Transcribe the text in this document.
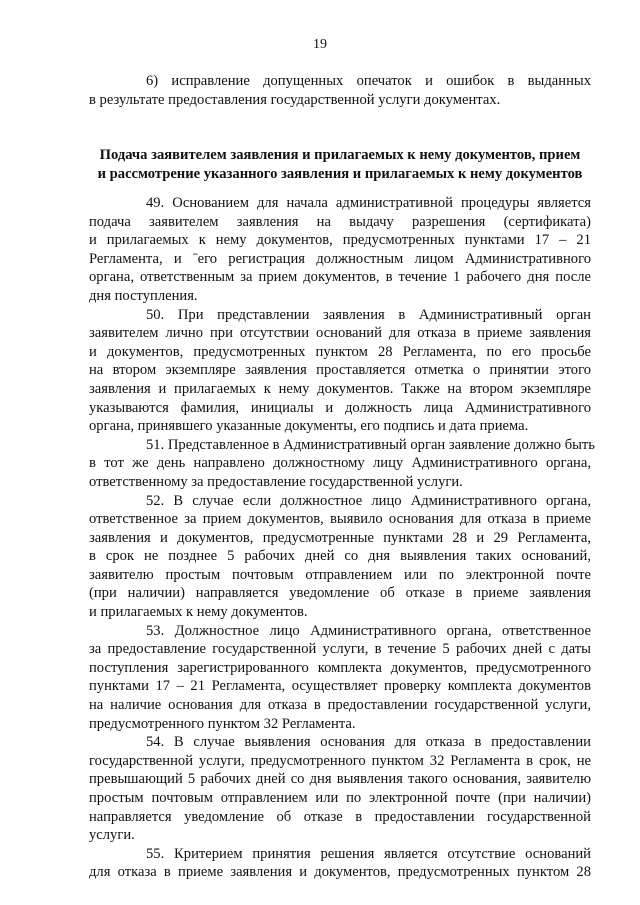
19
6) исправление допущенных опечаток и ошибок в выданных
в результате предоставления государственной услуги документах.
Подача заявителем заявления и прилагаемых к нему документов, прием
и рассмотрение указанного заявления и прилагаемых к нему документов
49. Основанием для начала административной процедуры является
подача заявителем заявления на выдачу разрешения (сертификата)
и прилагаемых к нему документов, предусмотренных пунктами 17 – 21
Регламента, и ˉего регистрация должностным лицом Административного
органа, ответственным за прием документов, в течение 1 рабочего дня после
дня поступления.
50. При представлении заявления в Административный орган
заявителем лично при отсутствии оснований для отказа в приеме заявления
и документов, предусмотренных пунктом 28 Регламента, по его просьбе
на втором экземпляре заявления проставляется отметка о принятии этого
заявления и прилагаемых к нему документов. Также на втором экземпляре
указываются фамилия, инициалы и должность лица Административного
органа, принявшего указанные документы, его подпись и дата приема.
51. Представленное в Административный орган заявление должно быть
в тот же день направлено должностному лицу Административного органа,
ответственному за предоставление государственной услуги.
52. В случае если должностное лицо Административного органа,
ответственное за прием документов, выявило основания для отказа в приеме
заявления и документов, предусмотренные пунктами 28 и 29 Регламента,
в срок не позднее 5 рабочих дней со дня выявления таких оснований,
заявителю простым почтовым отправлением или по электронной почте
(при наличии) направляется уведомление об отказе в приеме заявления
и прилагаемых к нему документов.
53. Должностное лицо Административного органа, ответственное
за предоставление государственной услуги, в течение 5 рабочих дней с даты
поступления зарегистрированного комплекта документов, предусмотренного
пунктами 17 – 21 Регламента, осуществляет проверку комплекта документов
на наличие основания для отказа в предоставлении государственной услуги,
предусмотренного пунктом 32 Регламента.
54. В случае выявления основания для отказа в предоставлении
государственной услуги, предусмотренного пунктом 32 Регламента в срок, не
превышающий 5 рабочих дней со дня выявления такого основания, заявителю
простым почтовым отправлением или по электронной почте (при наличии)
направляется уведомление об отказе в предоставлении государственной
услуги.
55. Критерием принятия решения является отсутствие оснований
для отказа в приеме заявления и документов, предусмотренных пунктом 28
